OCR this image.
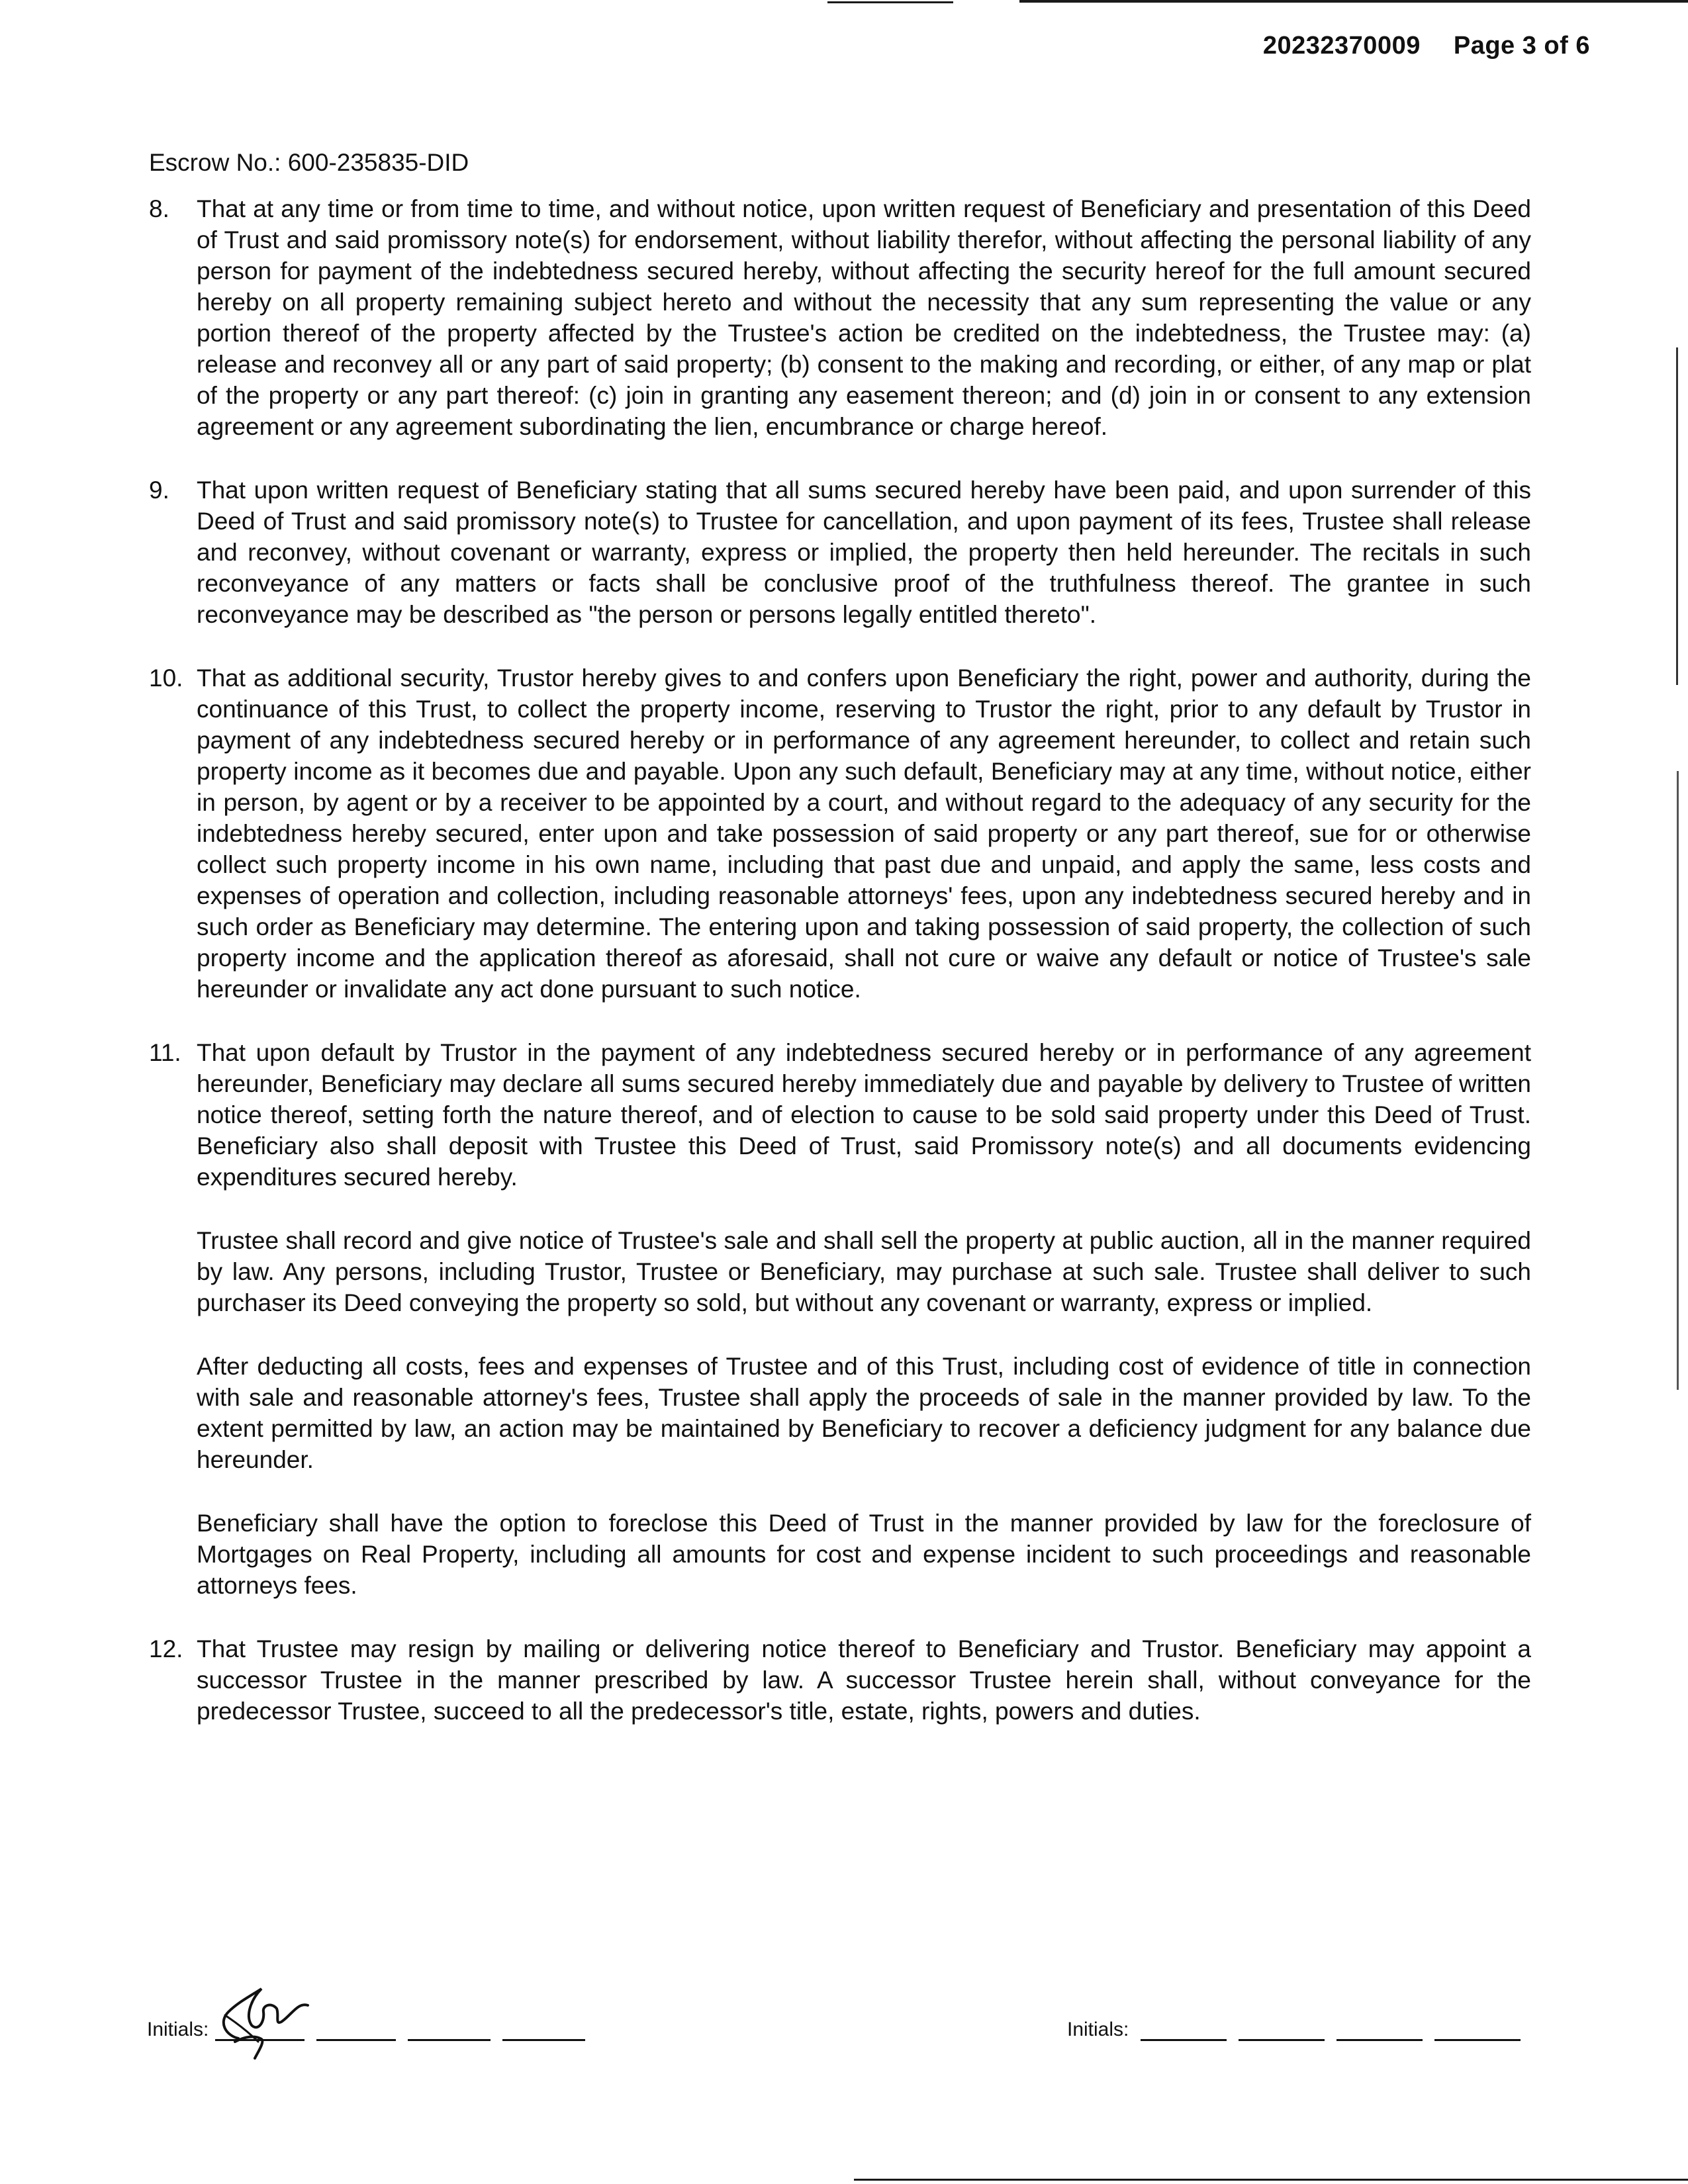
20232370009 Page 3 of 6
Escrow No.: 600-235835-DID
8.	That at any time or from time to time, and without notice, upon written request of Beneficiary and presentation of this Deed of Trust and said promissory note(s) for endorsement, without liability therefor, without affecting the personal liability of any person for payment of the indebtedness secured hereby, without affecting the security hereof for the full amount secured hereby on all property remaining subject hereto and without the necessity that any sum representing the value or any portion thereof of the property affected by the Trustee's action be credited on the indebtedness, the Trustee may: (a) release and reconvey all or any part of said property; (b) consent to the making and recording, or either, of any map or plat of the property or any part thereof: (c) join in granting any easement thereon; and (d) join in or consent to any extension agreement or any agreement subordinating the lien, encumbrance or charge hereof.
9.	That upon written request of Beneficiary stating that all sums secured hereby have been paid, and upon surrender of this Deed of Trust and said promissory note(s) to Trustee for cancellation, and upon payment of its fees, Trustee shall release and reconvey, without covenant or warranty, express or implied, the property then held hereunder. The recitals in such reconveyance of any matters or facts shall be conclusive proof of the truthfulness thereof. The grantee in such reconveyance may be described as "the person or persons legally entitled thereto".
10. That as additional security, Trustor hereby gives to and confers upon Beneficiary the right, power and authority, during the continuance of this Trust, to collect the property income, reserving to Trustor the right, prior to any default by Trustor in payment of any indebtedness secured hereby or in performance of any agreement hereunder, to collect and retain such property income as it becomes due and payable. Upon any such default, Beneficiary may at any time, without notice, either in person, by agent or by a receiver to be appointed by a court, and without regard to the adequacy of any security for the indebtedness hereby secured, enter upon and take possession of said property or any part thereof, sue for or otherwise collect such property income in his own name, including that past due and unpaid, and apply the same, less costs and expenses of operation and collection, including reasonable attorneys' fees, upon any indebtedness secured hereby and in such order as Beneficiary may determine. The entering upon and taking possession of said property, the collection of such property income and the application thereof as aforesaid, shall not cure or waive any default or notice of Trustee's sale hereunder or invalidate any act done pursuant to such notice.
11. That upon default by Trustor in the payment of any indebtedness secured hereby or in performance of any agreement hereunder, Beneficiary may declare all sums secured hereby immediately due and payable by delivery to Trustee of written notice thereof, setting forth the nature thereof, and of election to cause to be sold said property under this Deed of Trust. Beneficiary also shall deposit with Trustee this Deed of Trust, said Promissory note(s) and all documents evidencing expenditures secured hereby.
Trustee shall record and give notice of Trustee's sale and shall sell the property at public auction, all in the manner required by law. Any persons, including Trustor, Trustee or Beneficiary, may purchase at such sale. Trustee shall deliver to such purchaser its Deed conveying the property so sold, but without any covenant or warranty, express or implied.
After deducting all costs, fees and expenses of Trustee and of this Trust, including cost of evidence of title in connection with sale and reasonable attorney's fees, Trustee shall apply the proceeds of sale in the manner provided by law. To the extent permitted by law, an action may be maintained by Beneficiary to recover a deficiency judgment for any balance due hereunder.
Beneficiary shall have the option to foreclose this Deed of Trust in the manner provided by law for the foreclosure of Mortgages on Real Property, including all amounts for cost and expense incident to such proceedings and reasonable attorneys fees.
12. That Trustee may resign by mailing or delivering notice thereof to Beneficiary and Trustor. Beneficiary may appoint a successor Trustee in the manner prescribed by law. A successor Trustee herein shall, without conveyance for the predecessor Trustee, succeed to all the predecessor's title, estate, rights, powers and duties.
Initials:	Initials:
